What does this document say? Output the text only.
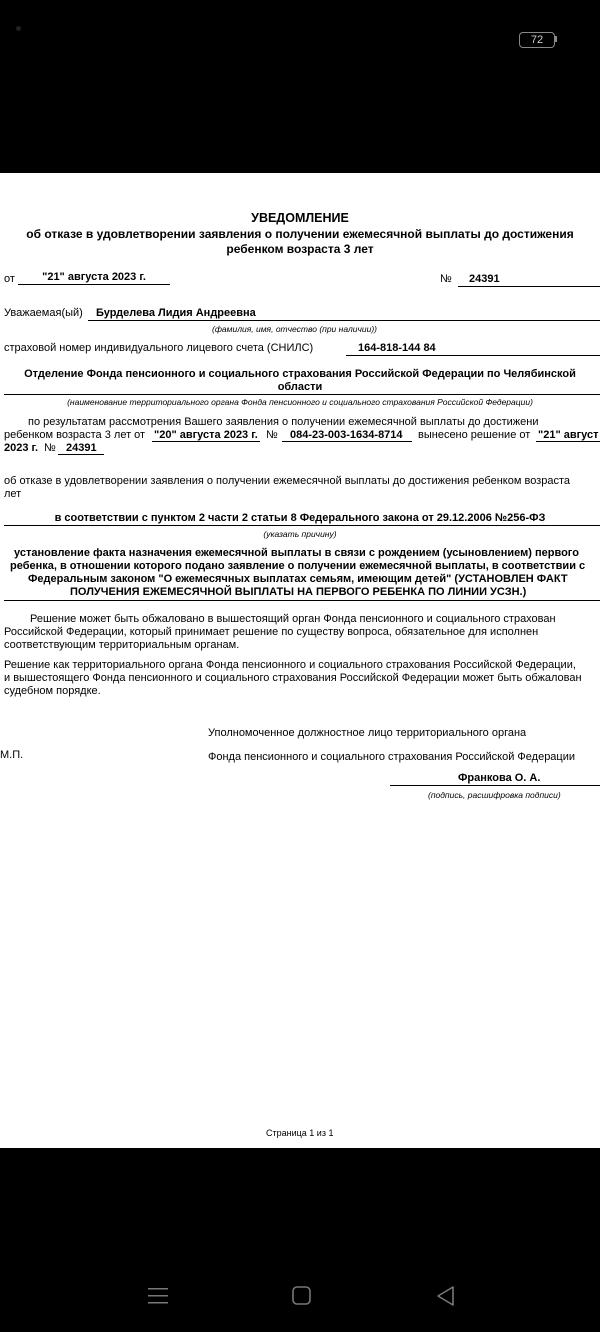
72
УВЕДОМЛЕНИЕ
об отказе в удовлетворении заявления о получении ежемесячной выплаты до достижения
ребенком возраста 3 лет
от	"21" августа 2023 г.	№ 24391
Уважаемая(ый) Бурделева Лидия Андреевна
(фамилия, имя, отчество (при наличии))
страховой номер индивидуального лицевого счета (СНИЛС)	164-818-144 84
Отделение Фонда пенсионного и социального страхования Российской Федерации по Челябинской
области
(наименование территориального органа Фонда пенсионного и социального страхования Российской Федерации)
по результатам рассмотрения Вашего заявления о получении ежемесячной выплаты до достижени
ребенком возраста 3 лет от "20" августа 2023 г. № 084-23-003-1634-8714 вынесено решение от "21" август
2023 г. № 24391
об отказе в удовлетворении заявления о получении ежемесячной выплаты до достижения ребенком возраста
лет
в соответствии с пунктом 2 части 2 статьи 8 Федерального закона от 29.12.2006 №256-ФЗ
(указать причину)
установление факта назначения ежемесячной выплаты в связи с рождением (усыновлением) первого
ребенка, в отношении которого подано заявление о получении ежемесячной выплаты, в соответствии с
Федеральным законом "О ежемесячных выплатах семьям, имеющим детей" (УСТАНОВЛЕН ФАКТ
ПОЛУЧЕНИЯ ЕЖЕМЕСЯЧНОЙ ВЫПЛАТЫ НА ПЕРВОГО РЕБЕНКА ПО ЛИНИИ УСЗН.)
Решение может быть обжаловано в вышестоящий орган Фонда пенсионного и социального страхован
Российской Федерации, который принимает решение по существу вопроса, обязательное для исполнен
соответствующим территориальным органам.
Решение как территориального органа Фонда пенсионного и социального страхования Российской Федерации,
и вышестоящего Фонда пенсионного и социального страхования Российской Федерации может быть обжалован
судебном порядке.
Уполномоченное должностное лицо территориального органа
М.П.	Фонда пенсионного и социального страхования Российской Федерации
Франкова О. А.
(подпись, расшифровка подписи)
Страница 1 из 1
